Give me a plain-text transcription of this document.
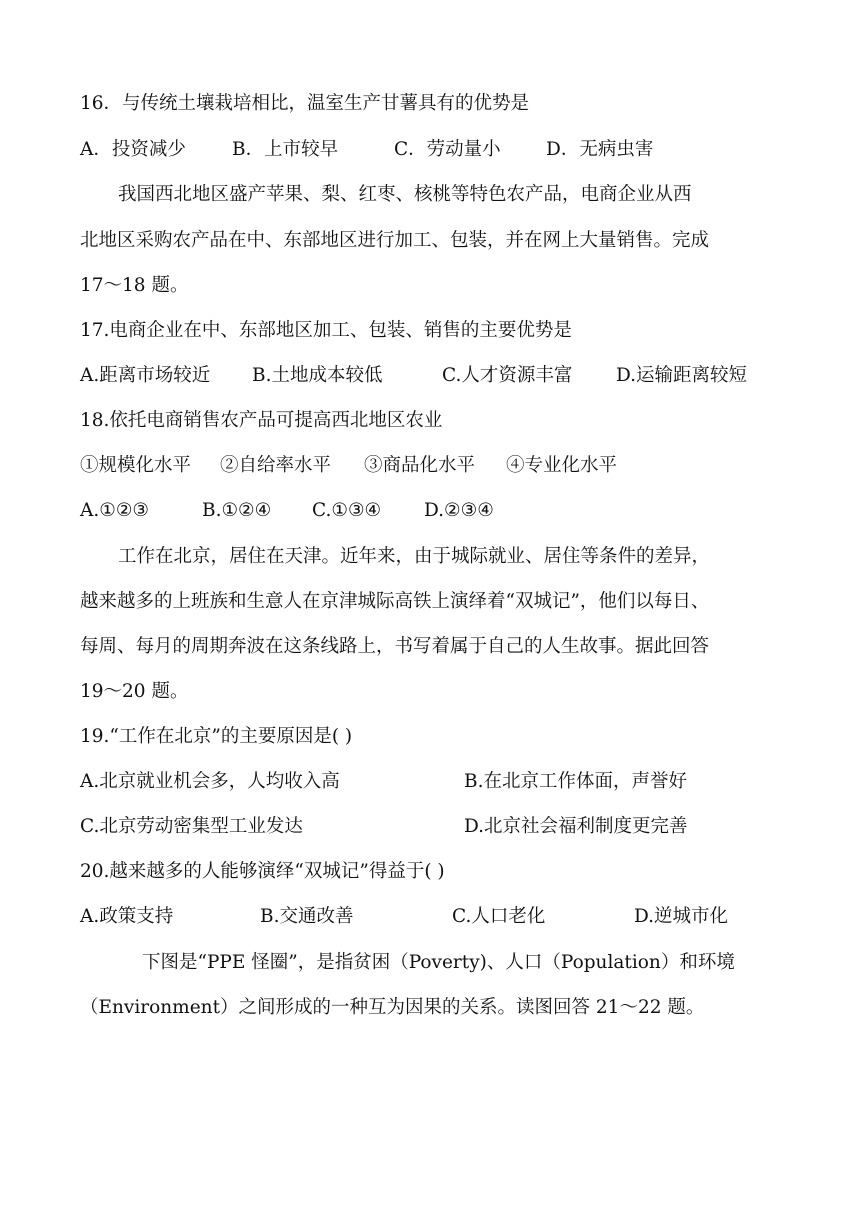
16．与传统土壤栽培相比，温室生产甘薯具有的优势是
A．投资减少 B．上市较早	C．劳动量小 D．无病虫害
我国西北地区盛产苹果、梨、红枣、核桃等特色农产品，电商企业从西
北地区采购农产品在中、东部地区进行加工、包装，并在网上大量销售。完成
17～18 题。
17.电商企业在中、东部地区加工、包装、销售的主要优势是
A.距离市场较近 B.土地成本较低	C.人才资源丰富 D.运输距离较短
18.依托电商销售农产品可提高西北地区农业
①规模化水平 ②自给率水平 ③商品化水平 ④专业化水平
A.①②③	B.①②④ C.①③④ D.②③④
工作在北京，居住在天津。近年来，由于城际就业、居住等条件的差异，
越来越多的上班族和生意人在京津城际高铁上演绎着“双城记”，他们以每日、
每周、每月的周期奔波在这条线路上，书写着属于自己的人生故事。据此回答
19～20 题。
19.“工作在北京”的主要原因是( )
A.北京就业机会多，人均收入高	B.在北京工作体面，声誉好
C.北京劳动密集型工业发达	D.北京社会福利制度更完善
20.越来越多的人能够演绎“双城记”得益于( )
A.政策支持	B.交通改善	C.人口老化	D.逆城市化
下图是“PPE 怪圈”，是指贫困（Poverty)、人口（Population）和环境
（Environment）之间形成的一种互为因果的关系。读图回答 21～22 题。
